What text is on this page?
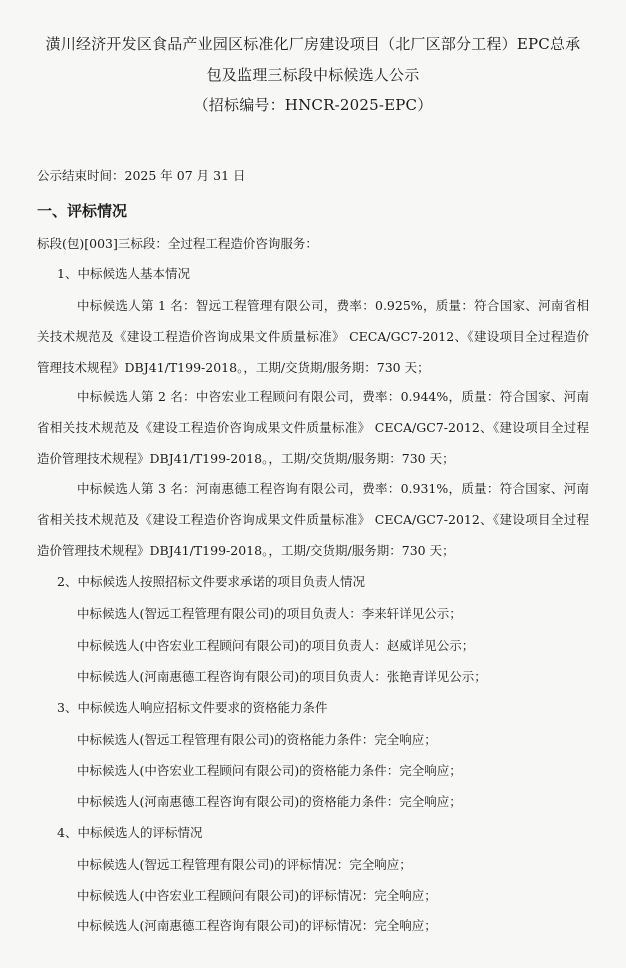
潢川经济开发区食品产业园区标准化厂房建设项目（北厂区部分工程）EPC总承
包及监理三标段中标候选人公示
（招标编号：HNCR-2025-EPC）
公示结束时间：2025 年 07 月 31 日
一、评标情况
标段(包)[003]三标段：全过程工程造价咨询服务：
1、中标候选人基本情况
中标候选人第 1 名：智远工程管理有限公司，费率：0.925%，质量：符合国家、河南省相关技术规范及《建设工程造价咨询成果文件质量标准》 CECA/GC7-2012、《建设项目全过程造价管理技术规程》DBJ41/T199-2018。，工期/交货期/服务期：730 天；
中标候选人第 2 名：中咨宏业工程顾问有限公司，费率：0.944%，质量：符合国家、河南省相关技术规范及《建设工程造价咨询成果文件质量标准》 CECA/GC7-2012、《建设项目全过程造价管理技术规程》DBJ41/T199-2018。，工期/交货期/服务期：730 天；
中标候选人第 3 名：河南惠德工程咨询有限公司，费率：0.931%，质量：符合国家、河南省相关技术规范及《建设工程造价咨询成果文件质量标准》 CECA/GC7-2012、《建设项目全过程造价管理技术规程》DBJ41/T199-2018。，工期/交货期/服务期：730 天；
2、中标候选人按照招标文件要求承诺的项目负责人情况
中标候选人(智远工程管理有限公司)的项目负责人：李来轩详见公示；
中标候选人(中咨宏业工程顾问有限公司)的项目负责人：赵威详见公示；
中标候选人(河南惠德工程咨询有限公司)的项目负责人：张艳青详见公示；
3、中标候选人响应招标文件要求的资格能力条件
中标候选人(智远工程管理有限公司)的资格能力条件：完全响应；
中标候选人(中咨宏业工程顾问有限公司)的资格能力条件：完全响应；
中标候选人(河南惠德工程咨询有限公司)的资格能力条件：完全响应；
4、中标候选人的评标情况
中标候选人(智远工程管理有限公司)的评标情况：完全响应；
中标候选人(中咨宏业工程顾问有限公司)的评标情况：完全响应；
中标候选人(河南惠德工程咨询有限公司)的评标情况：完全响应；
